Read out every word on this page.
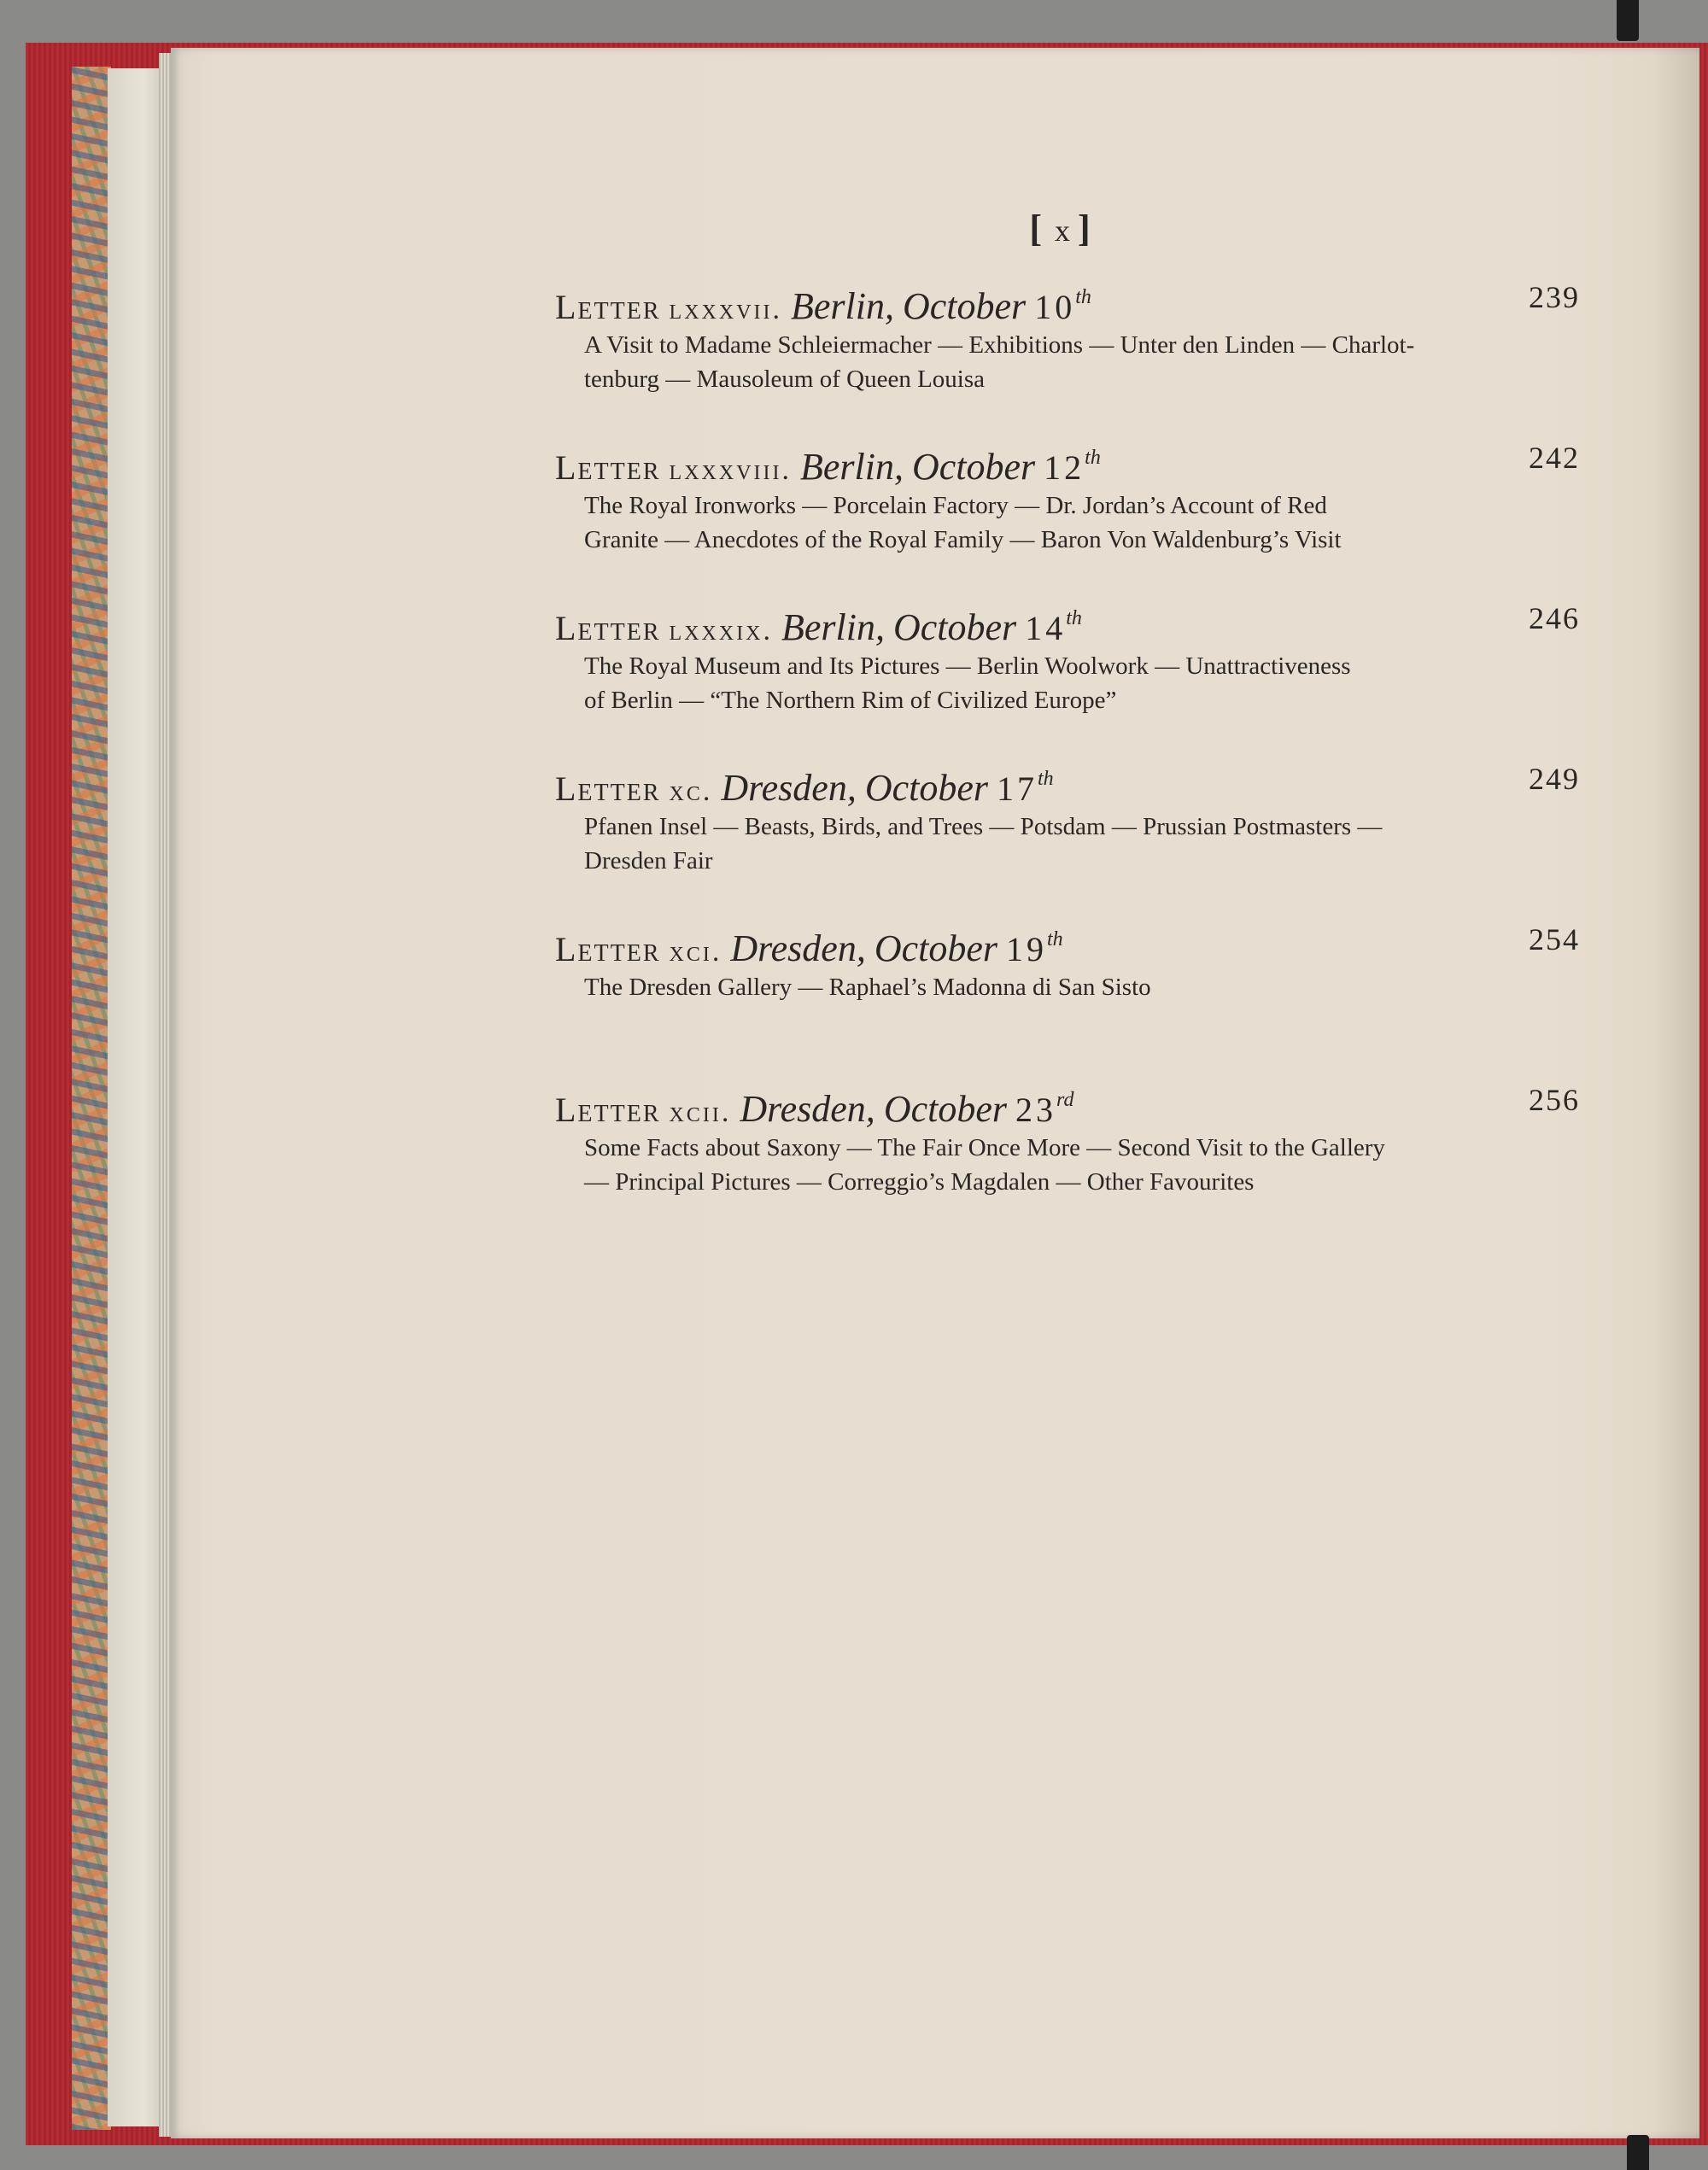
[ x ]
Letter lxxxvii. Berlin, October 10th	239
A Visit to Madame Schleiermacher — Exhibitions — Unter den Linden — Charlot-
tenburg — Mausoleum of Queen Louisa
Letter lxxxviii. Berlin, October 12th	242
The Royal Ironworks — Porcelain Factory — Dr. Jordan’s Account of Red
Granite — Anecdotes of the Royal Family — Baron Von Waldenburg’s Visit
Letter lxxxix. Berlin, October 14th	246
The Royal Museum and Its Pictures — Berlin Woolwork — Unattractiveness
of Berlin — “The Northern Rim of Civilized Europe”
Letter xc. Dresden, October 17th	249
Pfanen Insel — Beasts, Birds, and Trees — Potsdam — Prussian Postmasters —
Dresden Fair
Letter xci. Dresden, October 19th	254
The Dresden Gallery — Raphael’s Madonna di San Sisto
Letter xcii. Dresden, October 23rd	256
Some Facts about Saxony — The Fair Once More — Second Visit to the Gallery
— Principal Pictures — Correggio’s Magdalen — Other Favourites
